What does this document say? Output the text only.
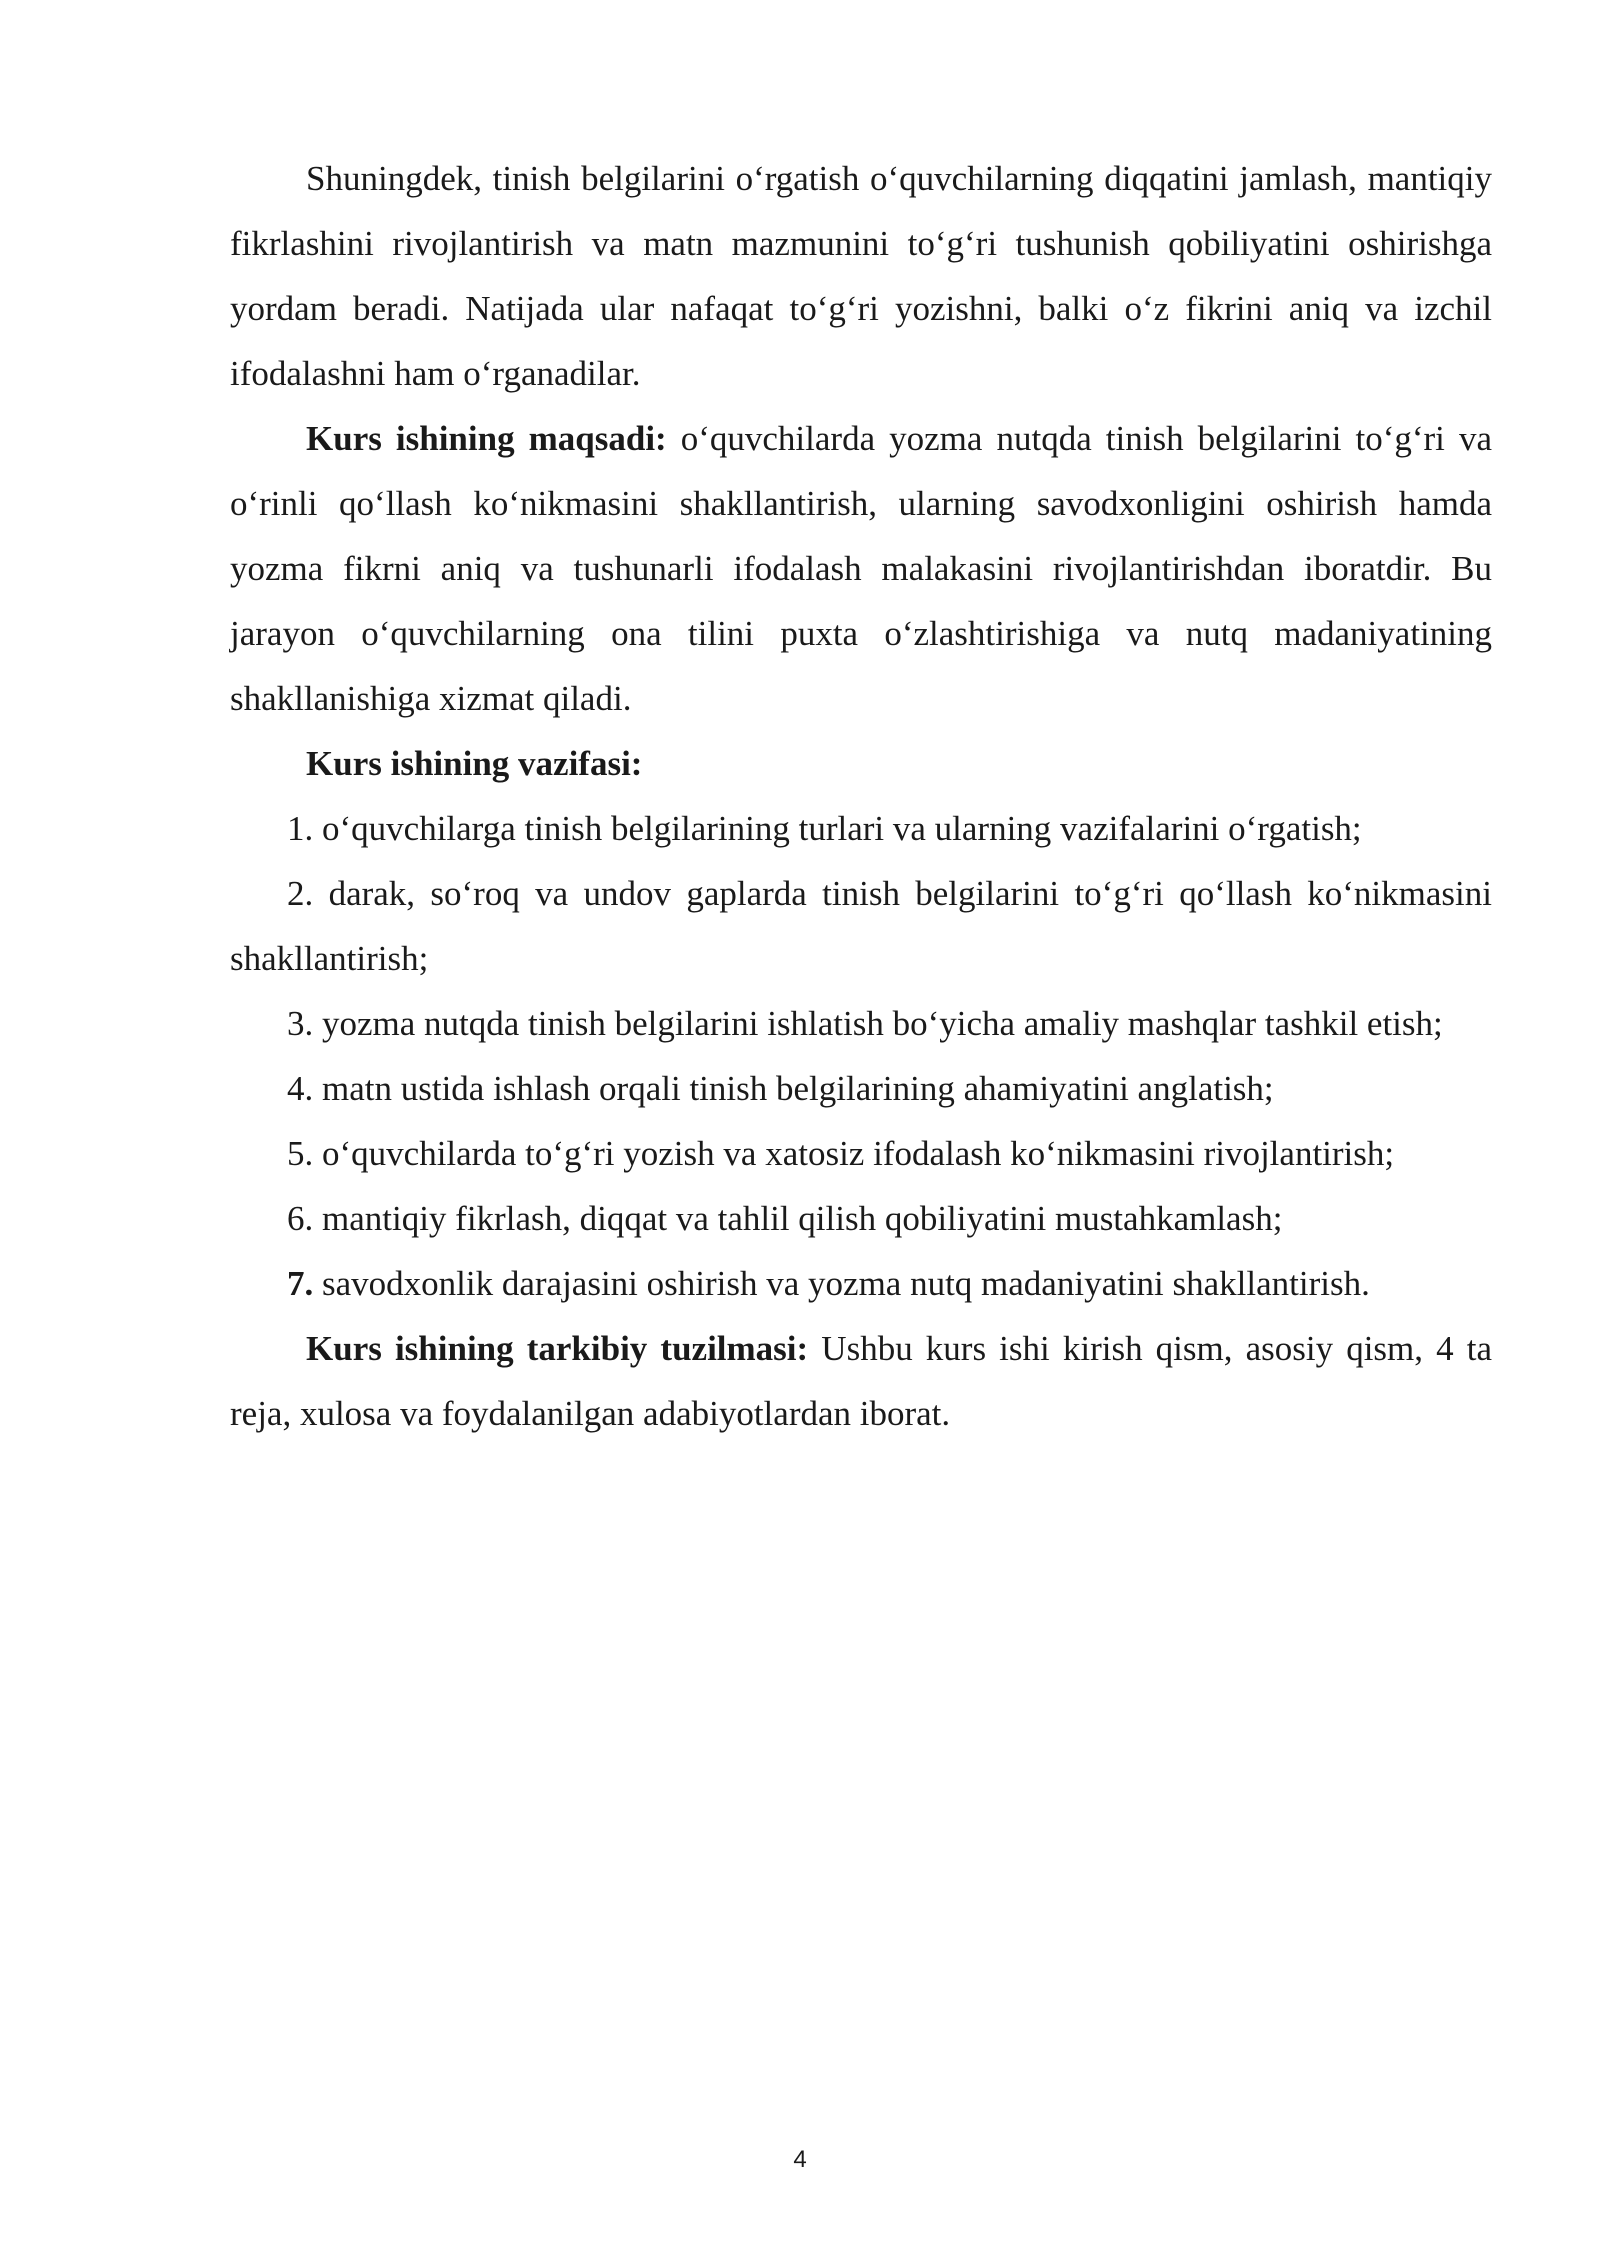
Shuningdek, tinish belgilarini o‘rgatish o‘quvchilarning diqqatini jamlash, mantiqiy fikrlashini rivojlantirish va matn mazmunini to‘g‘ri tushunish qobiliyatini oshirishga yordam beradi. Natijada ular nafaqat to‘g‘ri yozishni, balki o‘z fikrini aniq va izchil ifodalashni ham o‘rganadilar.

Kurs ishining maqsadi: o‘quvchilarda yozma nutqda tinish belgilarini to‘g‘ri va o‘rinli qo‘llash ko‘nikmasini shakllantirish, ularning savodxonligini oshirish hamda yozma fikrni aniq va tushunarli ifodalash malakasini rivojlantirishdan iboratdir. Bu jarayon o‘quvchilarning ona tilini puxta o‘zlashtirishiga va nutq madaniyatining shakllanishiga xizmat qiladi.

Kurs ishining vazifasi:

1. o‘quvchilarga tinish belgilarining turlari va ularning vazifalarini o‘rgatish;

2. darak, so‘roq va undov gaplarda tinish belgilarini to‘g‘ri qo‘llash ko‘nikmasini shakllantirish;

3. yozma nutqda tinish belgilarini ishlatish bo‘yicha amaliy mashqlar tashkil etish;

4. matn ustida ishlash orqali tinish belgilarining ahamiyatini anglatish;

5. o‘quvchilarda to‘g‘ri yozish va xatosiz ifodalash ko‘nikmasini rivojlantirish;

6. mantiqiy fikrlash, diqqat va tahlil qilish qobiliyatini mustahkamlash;

7. savodxonlik darajasini oshirish va yozma nutq madaniyatini shakllantirish.

Kurs ishining tarkibiy tuzilmasi: Ushbu kurs ishi kirish qism, asosiy qism, 4 ta reja, xulosa va foydalanilgan adabiyotlardan iborat.

4
